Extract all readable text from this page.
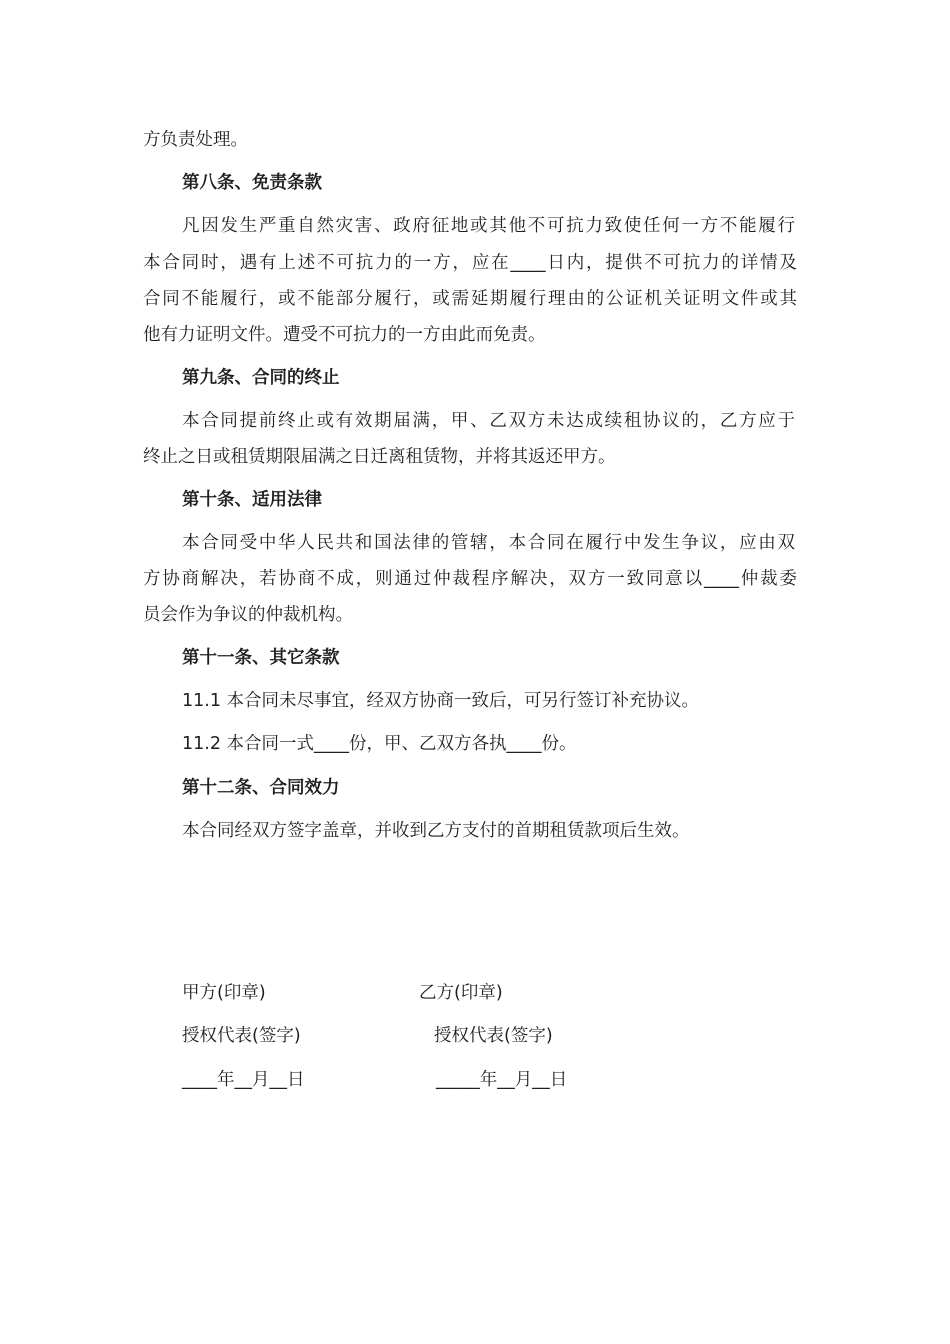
方负责处理。
第八条、免责条款
凡因发生严重自然灾害、政府征地或其他不可抗力致使任何一方不能履行
本合同时，遇有上述不可抗力的一方，应在____日内，提供不可抗力的详情及
合同不能履行，或不能部分履行，或需延期履行理由的公证机关证明文件或其
他有力证明文件。遭受不可抗力的一方由此而免责。
第九条、合同的终止
本合同提前终止或有效期届满，甲、乙双方未达成续租协议的，乙方应于
终止之日或租赁期限届满之日迁离租赁物，并将其返还甲方。
第十条、适用法律
本合同受中华人民共和国法律的管辖，本合同在履行中发生争议，应由双
方协商解决，若协商不成，则通过仲裁程序解决，双方一致同意以____仲裁委
员会作为争议的仲裁机构。
第十一条、其它条款
11.1 本合同未尽事宜，经双方协商一致后，可另行签订补充协议。
11.2 本合同一式____份，甲、乙双方各执____份。
第十二条、合同效力
本合同经双方签字盖章，并收到乙方支付的首期租赁款项后生效。
甲方(印章)	乙方(印章)
授权代表(签字)	授权代表(签字)
____年__月__日	_____年__月__日
